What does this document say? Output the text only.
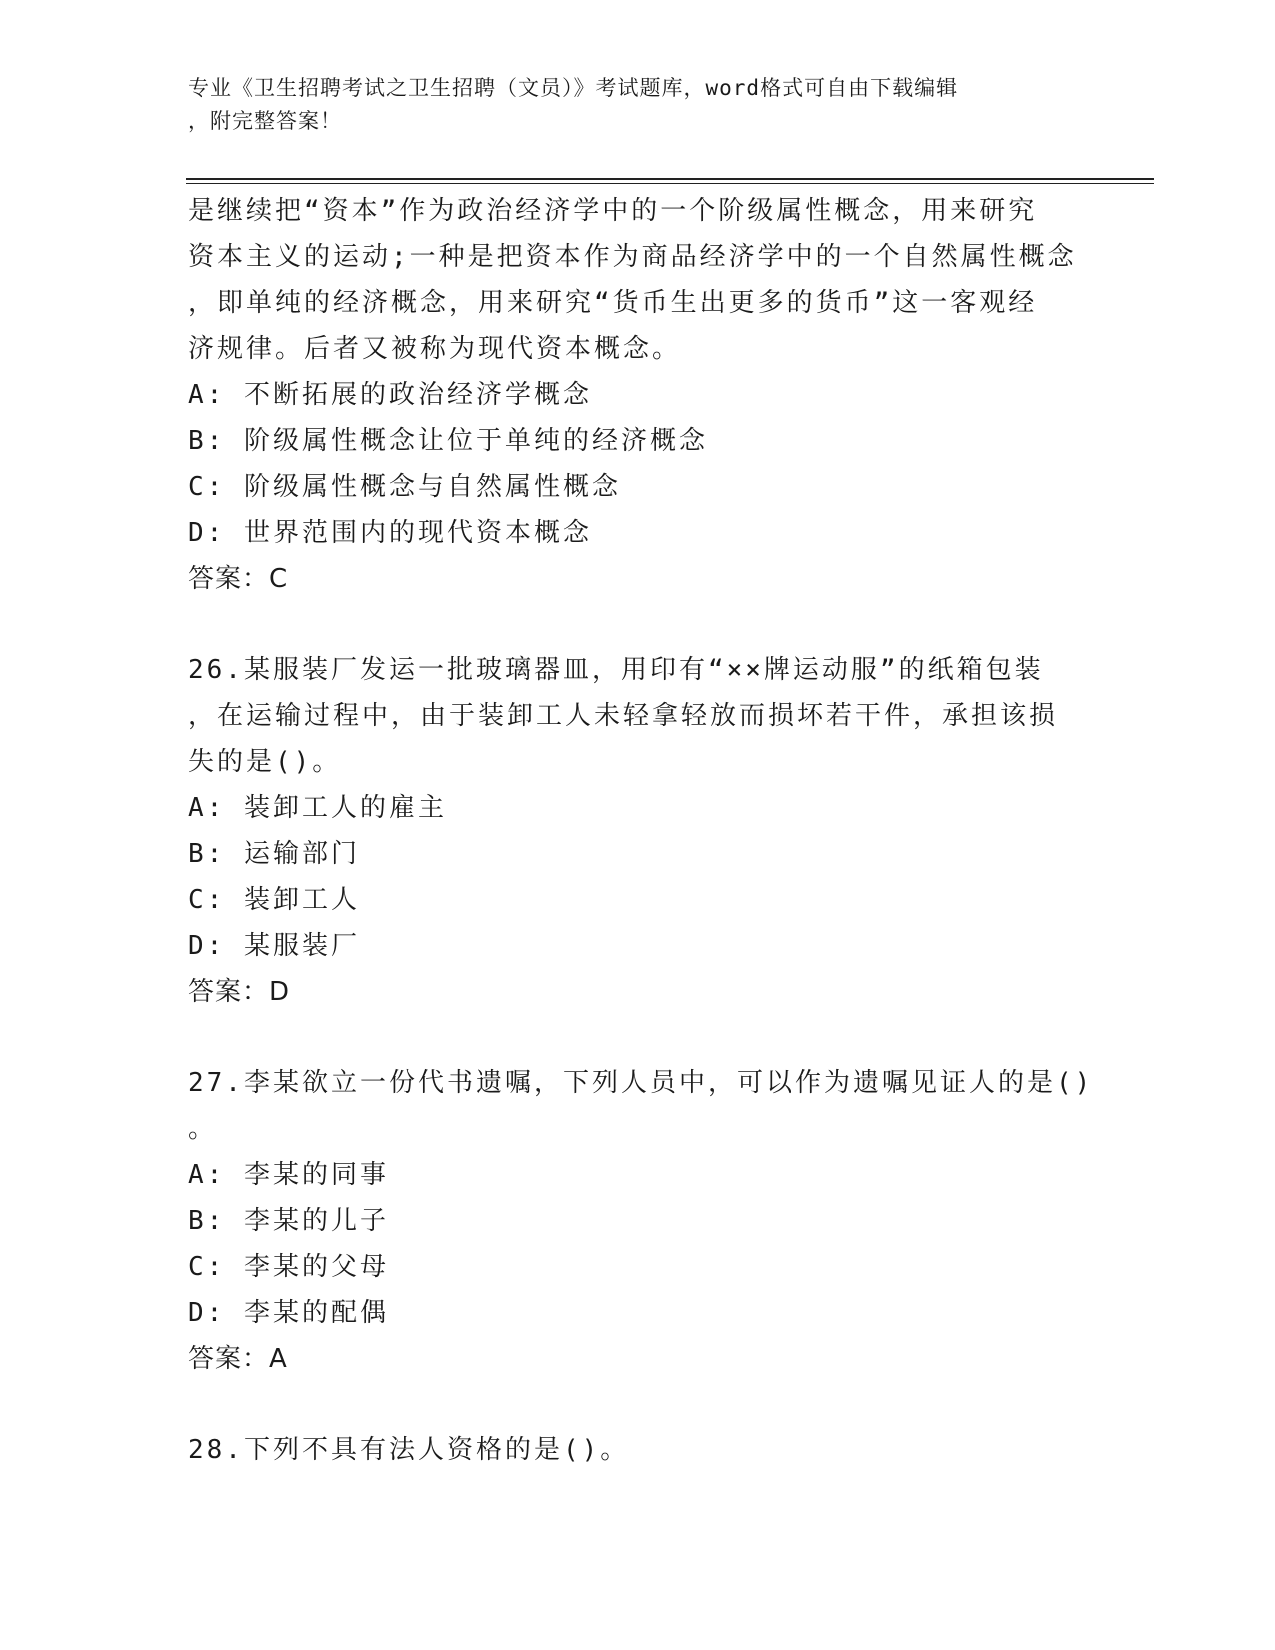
专业《卫生招聘考试之卫生招聘（文员）》考试题库，word格式可自由下载编辑
，附完整答案！
是继续把“资本”作为政治经济学中的一个阶级属性概念，用来研究
资本主义的运动;一种是把资本作为商品经济学中的一个自然属性概念
，即单纯的经济概念，用来研究“货币生出更多的货币”这一客观经
济规律。后者又被称为现代资本概念。
A: 不断拓展的政治经济学概念
B: 阶级属性概念让位于单纯的经济概念
C: 阶级属性概念与自然属性概念
D: 世界范围内的现代资本概念
答案：C
26.某服装厂发运一批玻璃器皿，用印有“××牌运动服”的纸箱包装
，在运输过程中，由于装卸工人未轻拿轻放而损坏若干件，承担该损
失的是()。
A: 装卸工人的雇主
B: 运输部门
C: 装卸工人
D: 某服装厂
答案：D
27.李某欲立一份代书遗嘱，下列人员中，可以作为遗嘱见证人的是()
。
A: 李某的同事
B: 李某的儿子
C: 李某的父母
D: 李某的配偶
答案：A
28.下列不具有法人资格的是()。
